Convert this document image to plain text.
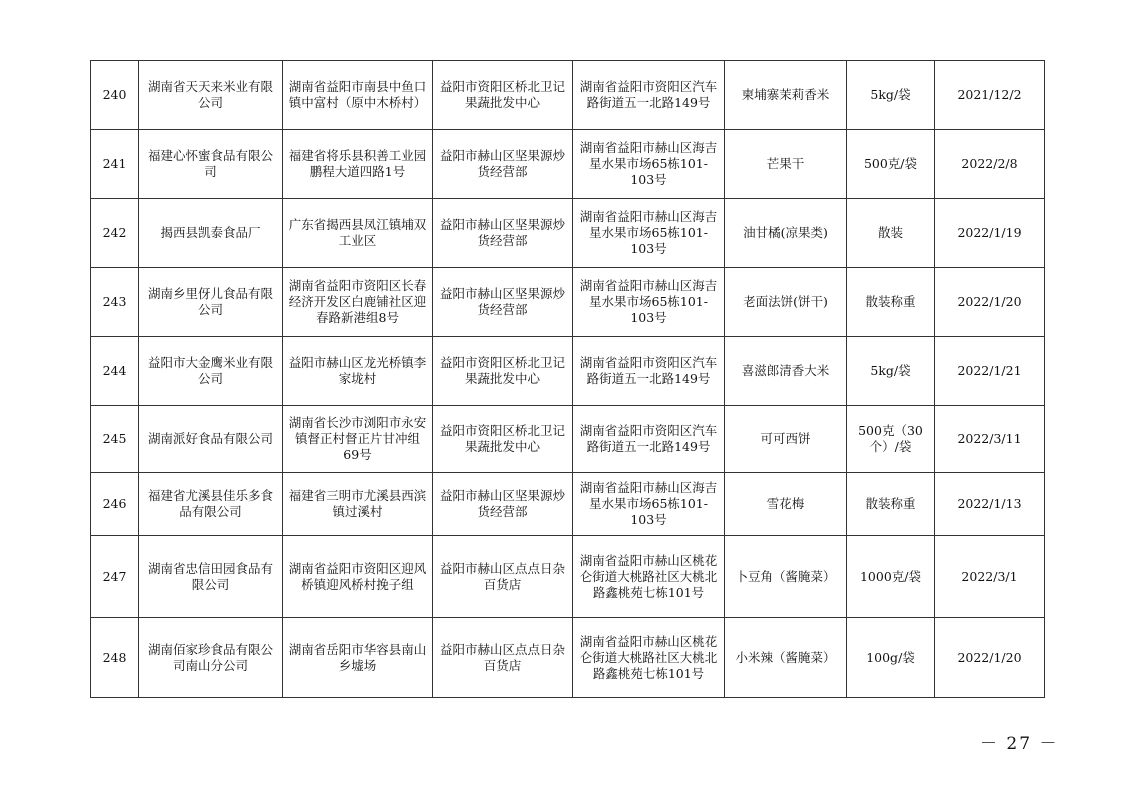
240	湖南省天天来米业有限公司	湖南省益阳市南县中鱼口镇中富村（原中木桥村）	益阳市资阳区桥北卫记果蔬批发中心	湖南省益阳市资阳区汽车路街道五一北路149号	柬埔寨茉莉香米	5kg/袋	2021/12/2
241	福建心怀蜜食品有限公司	福建省将乐县积善工业园鹏程大道四路1号	益阳市赫山区坚果源炒货经营部	湖南省益阳市赫山区海吉星水果市场65栋101-103号	芒果干	500克/袋	2022/2/8
242	揭西县凯泰食品厂	广东省揭西县凤江镇埔双工业区	益阳市赫山区坚果源炒货经营部	湖南省益阳市赫山区海吉星水果市场65栋101-103号	油甘橘(凉果类)	散装	2022/1/19
243	湖南乡里伢儿食品有限公司	湖南省益阳市资阳区长春经济开发区白鹿铺社区迎春路新港组8号	益阳市赫山区坚果源炒货经营部	湖南省益阳市赫山区海吉星水果市场65栋101-103号	老面法饼(饼干)	散装称重	2022/1/20
244	益阳市大金鹰米业有限公司	益阳市赫山区龙光桥镇李家垅村	益阳市资阳区桥北卫记果蔬批发中心	湖南省益阳市资阳区汽车路街道五一北路149号	喜滋郎清香大米	5kg/袋	2022/1/21
245	湖南派好食品有限公司	湖南省长沙市浏阳市永安镇督正村督正片甘冲组69号	益阳市资阳区桥北卫记果蔬批发中心	湖南省益阳市资阳区汽车路街道五一北路149号	可可西饼	500克（30个）/袋	2022/3/11
246	福建省尤溪县佳乐多食品有限公司	福建省三明市尤溪县西滨镇过溪村	益阳市赫山区坚果源炒货经营部	湖南省益阳市赫山区海吉星水果市场65栋101-103号	雪花梅	散装称重	2022/1/13
247	湖南省忠信田园食品有限公司	湖南省益阳市资阳区迎风桥镇迎风桥村挽子组	益阳市赫山区点点日杂百货店	湖南省益阳市赫山区桃花仑街道大桃路社区大桃北路鑫桃苑七栋101号	卜豆角（酱腌菜）	1000克/袋	2022/3/1
248	湖南佰家珍食品有限公司南山分公司	湖南省岳阳市华容县南山乡墟场	益阳市赫山区点点日杂百货店	湖南省益阳市赫山区桃花仑街道大桃路社区大桃北路鑫桃苑七栋101号	小米辣（酱腌菜）	100g/袋	2022/1/20
－ 27 －
